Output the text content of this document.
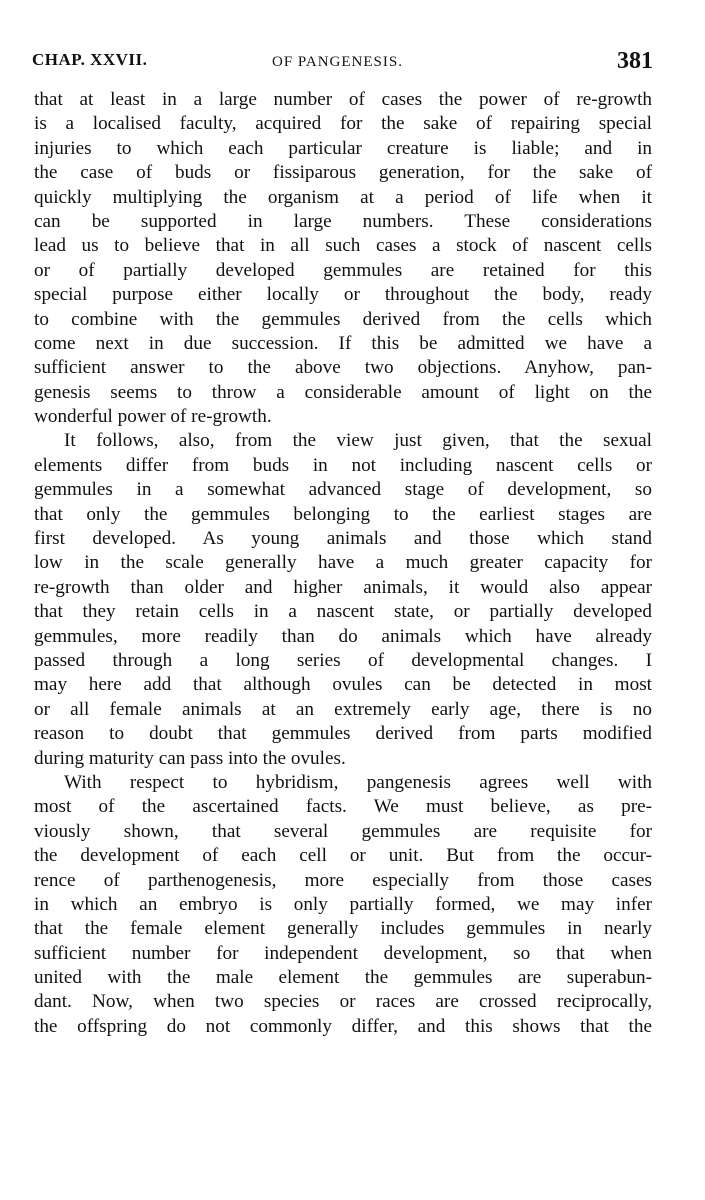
CHAP. XXVII.	OF PANGENESIS.	381
that at least in a large number of cases the power of re-growth
is a localised faculty, acquired for the sake of repairing special
injuries to which each particular creature is liable; and in
the case of buds or fissiparous generation, for the sake of
quickly multiplying the organism at a period of life when it
can be supported in large numbers. These considerations
lead us to believe that in all such cases a stock of nascent cells
or of partially developed gemmules are retained for this
special purpose either locally or throughout the body, ready
to combine with the gemmules derived from the cells which
come next in due succession. If this be admitted we have a
sufficient answer to the above two objections. Anyhow, pan-
genesis seems to throw a considerable amount of light on the
wonderful power of re-growth.
It follows, also, from the view just given, that the sexual
elements differ from buds in not including nascent cells or
gemmules in a somewhat advanced stage of development, so
that only the gemmules belonging to the earliest stages are
first developed. As young animals and those which stand
low in the scale generally have a much greater capacity for
re-growth than older and higher animals, it would also appear
that they retain cells in a nascent state, or partially developed
gemmules, more readily than do animals which have already
passed through a long series of developmental changes. I
may here add that although ovules can be detected in most
or all female animals at an extremely early age, there is no
reason to doubt that gemmules derived from parts modified
during maturity can pass into the ovules.
With respect to hybridism, pangenesis agrees well with
most of the ascertained facts. We must believe, as pre-
viously shown, that several gemmules are requisite for
the development of each cell or unit. But from the occur-
rence of parthenogenesis, more especially from those cases
in which an embryo is only partially formed, we may infer
that the female element generally includes gemmules in nearly
sufficient number for independent development, so that when
united with the male element the gemmules are superabun-
dant. Now, when two species or races are crossed reciprocally,
the offspring do not commonly differ, and this shows that the
